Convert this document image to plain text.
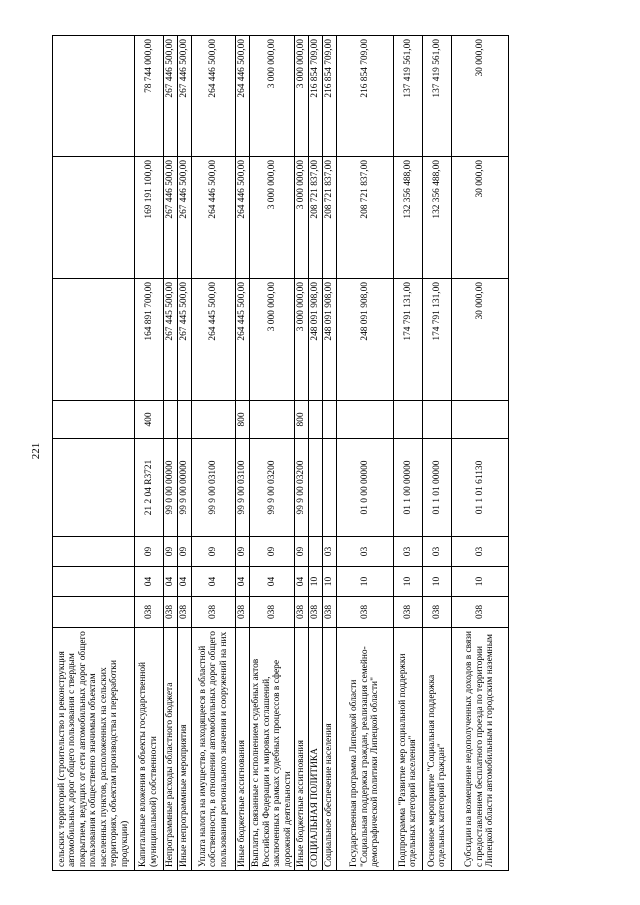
221
сельских территорий (строительство и реконструкция автомобильных дорог общего пользования с твердым покрытием, ведущих от сети автомобильных дорог общего пользования к общественно значимым объектам населенных пунктов, расположенных на сельских территориях, объектам производства и переработки продукции)								
Капитальные вложения в объекты государственной (муниципальной) собственности	038	04	09	21 2 04 R3721	400	164 891 700,00	169 191 100,00	78 744 000,00
Непрограммные расходы областного бюджета	038	04	09	99 0 00 00000		267 445 500,00	267 446 500,00	267 446 500,00
Иные непрограммные мероприятия	038	04	09	99 9 00 00000		267 445 500,00	267 446 500,00	267 446 500,00
Уплата налога на имущество, находящееся в областной собственности, в отношении автомобильных дорог общего пользования регионального значения и сооружений на них	038	04	09	99 9 00 03100		264 445 500,00	264 446 500,00	264 446 500,00
Иные бюджетные ассигнования	038	04	09	99 9 00 03100	800	264 445 500,00	264 446 500,00	264 446 500,00
Выплаты, связанные с исполнением судебных актов Российской Федерации и мировых соглашений, заключенных в рамках судебных процессов в сфере дорожной деятельности	038	04	09	99 9 00 03200		3 000 000,00	3 000 000,00	3 000 000,00
Иные бюджетные ассигнования	038	04	09	99 9 00 03200	800	3 000 000,00	3 000 000,00	3 000 000,00
СОЦИАЛЬНАЯ ПОЛИТИКА	038	10				248 091 908,00	208 721 837,00	216 854 709,00
Социальное обеспечение населения	038	10	03			248 091 908,00	208 721 837,00	216 854 709,00
Государственная программа Липецкой области "Социальная поддержка граждан, реализация семейно-демографической политики Липецкой области"	038	10	03	01 0 00 00000		248 091 908,00	208 721 837,00	216 854 709,00
Подпрограмма "Развитие мер социальной поддержки отдельных категорий населения"	038	10	03	01 1 00 00000		174 791 131,00	132 356 488,00	137 419 561,00
Основное мероприятие "Социальная поддержка отдельных категорий граждан"	038	10	03	01 1 01 00000		174 791 131,00	132 356 488,00	137 419 561,00
Субсидии на возмещение недополученных доходов в связи с предоставлением бесплатного проезда по территории Липецкой области автомобильным и городским наземным	038	10	03	01 1 01 61130		30 000,00	30 000,00	30 000,00
